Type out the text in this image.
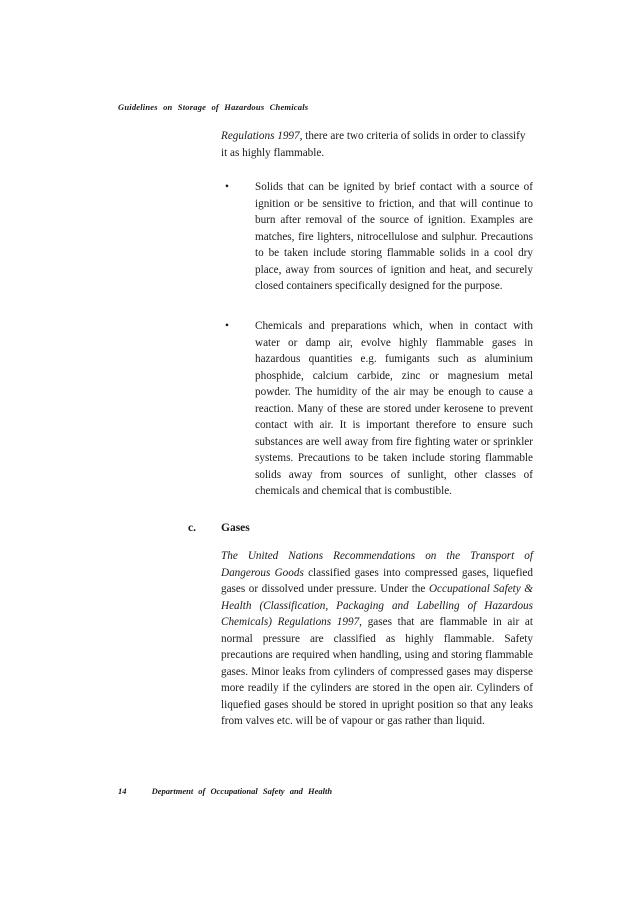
Guidelines on Storage of Hazardous Chemicals

Regulations 1997, there are two criteria of solids in order to classify it as highly flammable.

• Solids that can be ignited by brief contact with a source of ignition or be sensitive to friction, and that will continue to burn after removal of the source of ignition. Examples are matches, fire lighters, nitrocellulose and sulphur. Precautions to be taken include storing flammable solids in a cool dry place, away from sources of ignition and heat, and securely closed containers specifically designed for the purpose.
• Chemicals and preparations which, when in contact with water or damp air, evolve highly flammable gases in hazardous quantities e.g. fumigants such as aluminium phosphide, calcium carbide, zinc or magnesium metal powder. The humidity of the air may be enough to cause a reaction. Many of these are stored under kerosene to prevent contact with air. It is important therefore to ensure such substances are well away from fire fighting water or sprinkler systems. Precautions to be taken include storing flammable solids away from sources of sunlight, other classes of chemicals and chemical that is combustible.
c. Gases

The United Nations Recommendations on the Transport of Dangerous Goods classified gases into compressed gases, liquefied gases or dissolved under pressure. Under the Occupational Safety & Health (Classification, Packaging and Labelling of Hazardous Chemicals) Regulations 1997, gases that are flammable in air at normal pressure are classified as highly flammable. Safety precautions are required when handling, using and storing flammable gases. Minor leaks from cylinders of compressed gases may disperse more readily if the cylinders are stored in the open air. Cylinders of liquefied gases should be stored in upright position so that any leaks from valves etc. will be of vapour or gas rather than liquid.

14	Department of Occupational Safety and Health
